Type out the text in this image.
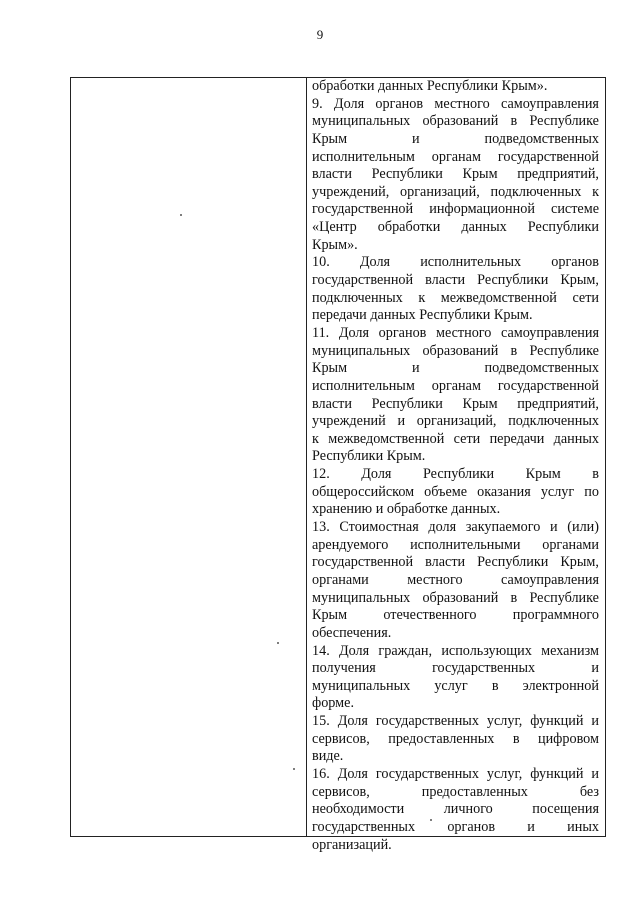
9
обработки данных Республики Крым».
9. Доля органов местного самоуправления
муниципальных образований в Республике
Крым	и	подведомственных
исполнительным органам государственной
власти Республики Крым предприятий,
учреждений, организаций, подключенных к
государственной информационной системе
«Центр обработки данных Республики
Крым».
10. Доля исполнительных органов
государственной власти Республики Крым,
подключенных к межведомственной сети
передачи данных Республики Крым.
11. Доля органов местного самоуправления
муниципальных образований в Республике
Крым	и	подведомственных
исполнительным органам государственной
власти Республики Крым предприятий,
учреждений и организаций, подключенных
к межведомственной сети передачи данных
Республики Крым.
12. Доля Республики Крым в
общероссийском объеме оказания услуг по
хранению и обработке данных.
13. Стоимостная доля закупаемого и (или)
арендуемого исполнительными органами
государственной власти Республики Крым,
органами	местного	самоуправления
муниципальных образований в Республике
Крым	отечественного	программного
обеспечения.
14. Доля граждан, использующих механизм
получения	государственных	и
муниципальных услуг в электронной
форме.
15. Доля государственных услуг, функций и
сервисов, предоставленных в цифровом
виде.
16. Доля государственных услуг, функций и
сервисов,	предоставленных	без
необходимости	личного	посещения
государственных органов и иных
организаций.
